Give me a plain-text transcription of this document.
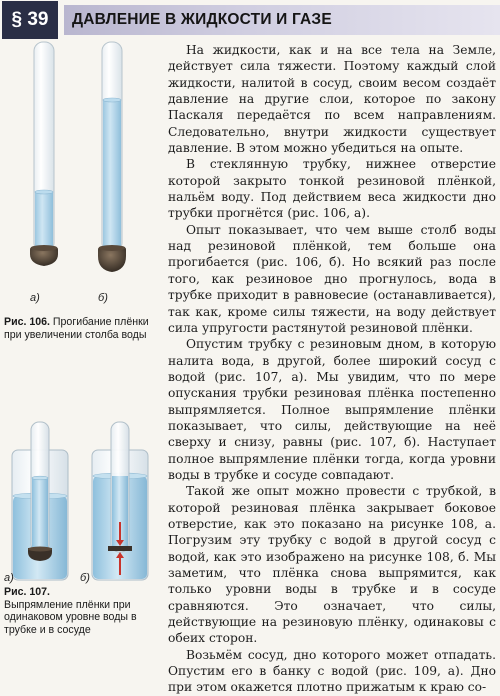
§ 39	ДАВЛЕНИЕ В ЖИДКОСТИ И ГАЗЕ
а)	б)
Рис. 106. Прогибание плёнки при увеличении столба воды
а)	б)
Рис. 107.
Выпрямление плёнки при одинаковом уровне воды в трубке и в сосуде

На жидкости, как и на все тела на Земле, действует сила тяжести. Поэтому каждый слой жидкости, налитой в сосуд, своим весом создаёт давление на другие слои, которое по закону Паскаля передаётся по всем направлениям. Следовательно, внутри жидкости существует давление. В этом можно убедиться на опыте.

В стеклянную трубку, нижнее отверстие которой закрыто тонкой резиновой плёнкой, нальём воду. Под действием веса жидкости дно трубки прогнётся (рис. 106, а).

Опыт показывает, что чем выше столб воды над резиновой плёнкой, тем больше она прогибается (рис. 106, б). Но всякий раз после того, как резиновое дно прогнулось, вода в трубке приходит в равновесие (останавливается), так как, кроме силы тяжести, на воду действует сила упругости растянутой резиновой плёнки.

Опустим трубку с резиновым дном, в которую налита вода, в другой, более широкий сосуд с водой (рис. 107, а). Мы увидим, что по мере опускания трубки резиновая плёнка постепенно выпрямляется. Полное выпрямление плёнки показывает, что силы, действующие на неё сверху и снизу, равны (рис. 107, б). Наступает полное выпрямление плёнки тогда, когда уровни воды в трубке и сосуде совпадают.

Такой же опыт можно провести с трубкой, в которой резиновая плёнка закрывает боковое отверстие, как это показано на рисунке 108, а. Погрузим эту трубку с водой в другой сосуд с водой, как это изображено на рисунке 108, б. Мы заметим, что плёнка снова выпрямится, как только уровни воды в трубке и в сосуде сравняются. Это означает, что силы, действующие на резиновую плёнку, одинаковы с обеих сторон.

Возьмём сосуд, дно которого может отпадать. Опустим его в банку с водой (рис. 109, а). Дно при этом окажется плотно прижатым к краю со-
